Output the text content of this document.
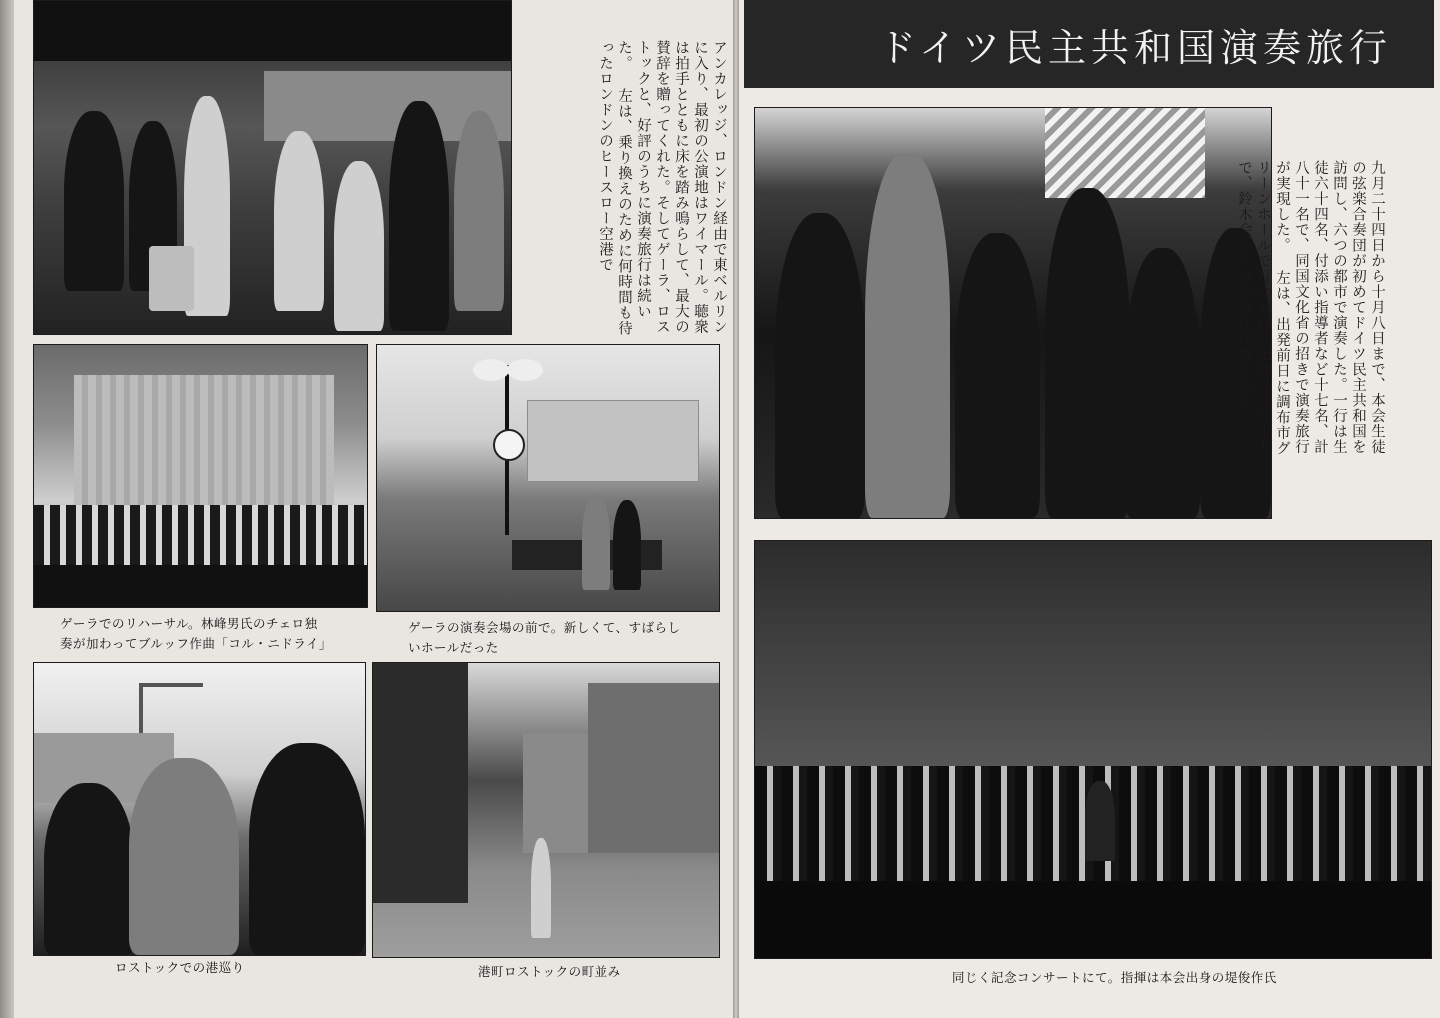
アンカレッジ、ロンドン経由で東ベルリンに入り、最初の公演地はワイマール。聴衆は拍手とともに床を踏み鳴らして、最大の賛辞を贈ってくれた。そしてゲーラ、ロストックと、好評のうちに演奏旅行は続いた。 左は、乗り換えのために何時間も待ったロンドンのヒースロー空港で
ゲーラでのリハーサル。林峰男氏のチェロ独奏が加わってブルッフ作曲「コル・ニドライ」
ゲーラの演奏会場の前で。新しくて、すばらしいホールだった
ロストックでの港巡り	港町ロストックの町並み
ドイツ民主共和国演奏旅行
九月二十四日から十月八日まで、本会生徒の弦楽合奏団が初めてドイツ民主共和国を訪問し、六つの都市で演奏した。一行は生徒六十四名、付添い指導者など十七名、計八十一名で、同国文化省の招きで演奏旅行が実現した。 左は、出発前日に調布市グリーンホールで行なわれた記念コンサートで、鈴木会長・青木常任理事と共に
同じく記念コンサートにて。指揮は本会出身の堤俊作氏
